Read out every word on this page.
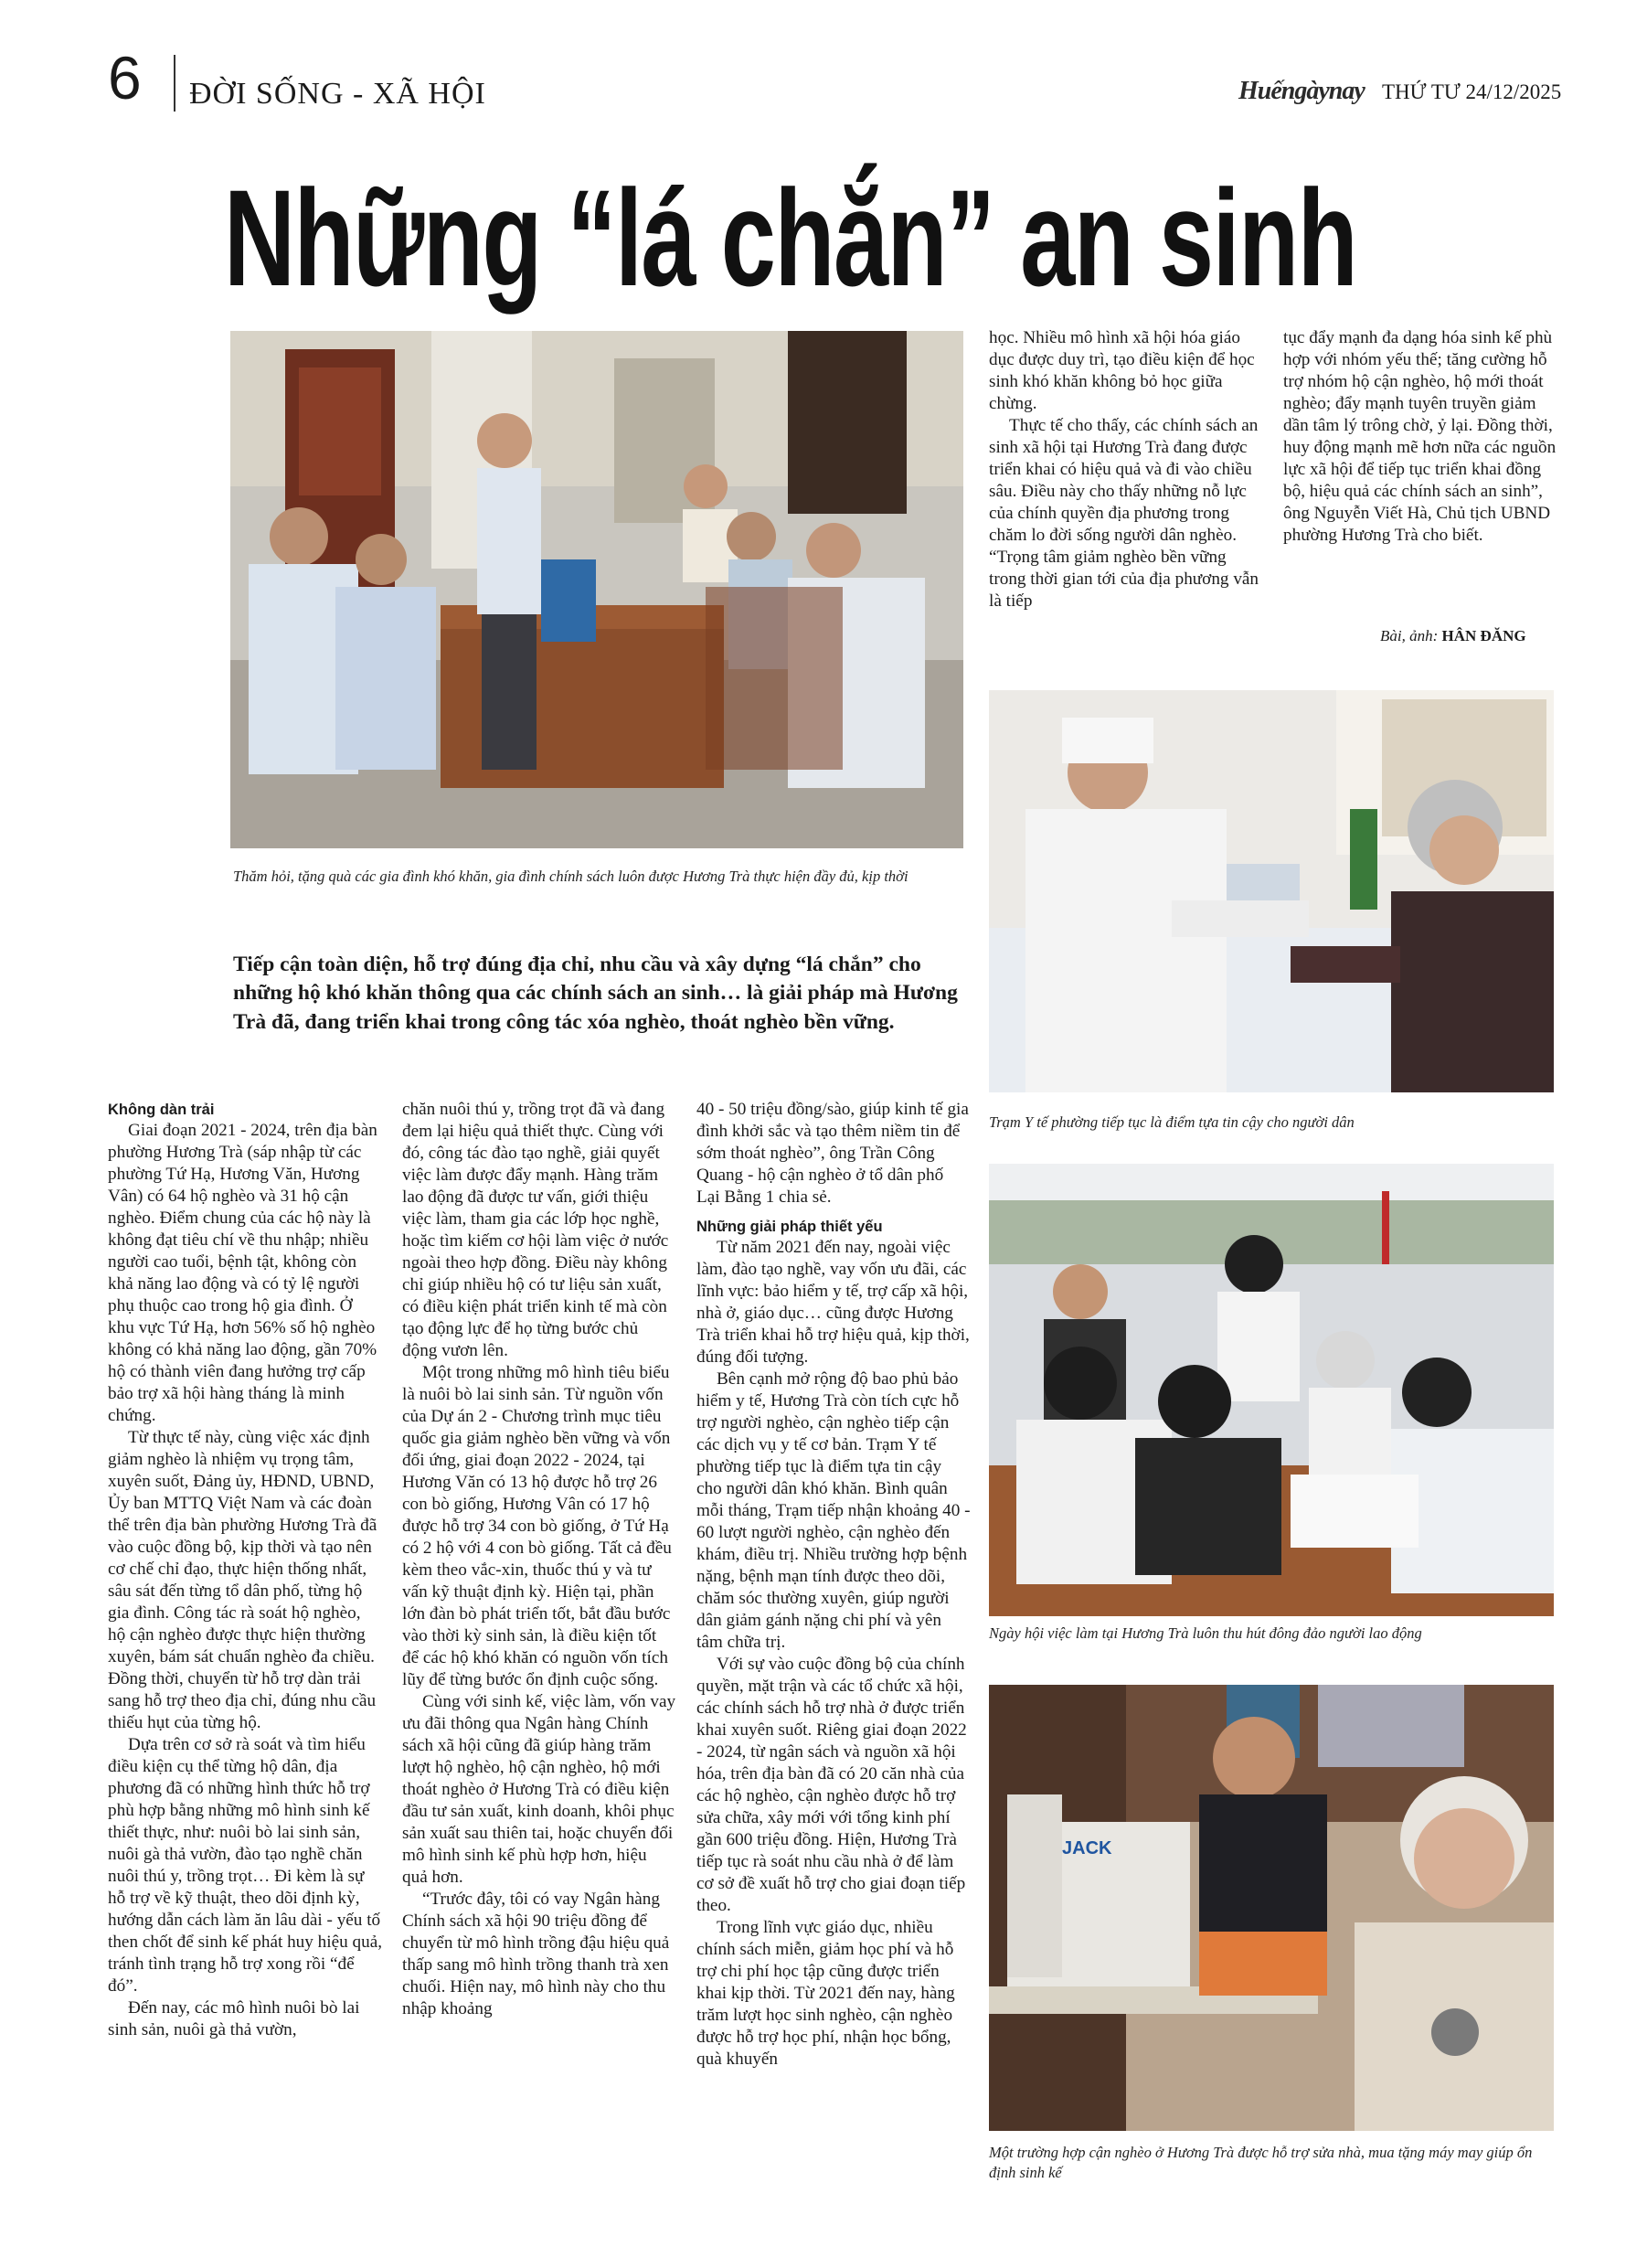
6 ĐỜI SỐNG - XÃ HỘI	Huếngàynay THỨ TƯ 24/12/2025
Những “lá chắn” an sinh
Thăm hỏi, tặng quà các gia đình khó khăn, gia đình chính sách luôn được Hương Trà thực hiện đầy đủ, kịp thời
Tiếp cận toàn diện, hỗ trợ đúng địa chỉ, nhu cầu và xây dựng “lá chắn” cho những hộ khó khăn thông qua các chính sách an sinh… là giải pháp mà Hương Trà đã, đang triển khai trong công tác xóa nghèo, thoát nghèo bền vững.

học. Nhiều mô hình xã hội hóa giáo dục được duy trì, tạo điều kiện để học sinh khó khăn không bỏ học giữa chừng.

Thực tế cho thấy, các chính sách an sinh xã hội tại Hương Trà đang được triển khai có hiệu quả và đi vào chiều sâu. Điều này cho thấy những nỗ lực của chính quyền địa phương trong chăm lo đời sống người dân nghèo. “Trọng tâm giảm nghèo bền vững trong thời gian tới của địa phương vẫn là tiếp

tục đẩy mạnh đa dạng hóa sinh kế phù hợp với nhóm yếu thế; tăng cường hỗ trợ nhóm hộ cận nghèo, hộ mới thoát nghèo; đẩy mạnh tuyên truyền giảm dần tâm lý trông chờ, ỷ lại. Đồng thời, huy động mạnh mẽ hơn nữa các nguồn lực xã hội để tiếp tục triển khai đồng bộ, hiệu quả các chính sách an sinh”, ông Nguyễn Viết Hà, Chủ tịch UBND phường Hương Trà cho biết.

Bài, ảnh: HÂN ĐĂNG
Trạm Y tế phường tiếp tục là điểm tựa tin cậy cho người dân
Ngày hội việc làm tại Hương Trà luôn thu hút đông đảo người lao động
JACK
Một trường hợp cận nghèo ở Hương Trà được hỗ trợ sửa nhà, mua tặng máy may giúp ổn định sinh kế

Không dàn trải

Giai đoạn 2021 - 2024, trên địa bàn phường Hương Trà (sáp nhập từ các phường Tứ Hạ, Hương Văn, Hương Vân) có 64 hộ nghèo và 31 hộ cận nghèo. Điểm chung của các hộ này là không đạt tiêu chí về thu nhập; nhiều người cao tuổi, bệnh tật, không còn khả năng lao động và có tỷ lệ người phụ thuộc cao trong hộ gia đình. Ở khu vực Tứ Hạ, hơn 56% số hộ nghèo không có khả năng lao động, gần 70% hộ có thành viên đang hưởng trợ cấp bảo trợ xã hội hàng tháng là minh chứng.

Từ thực tế này, cùng việc xác định giảm nghèo là nhiệm vụ trọng tâm, xuyên suốt, Đảng ủy, HĐND, UBND, Ủy ban MTTQ Việt Nam và các đoàn thể trên địa bàn phường Hương Trà đã vào cuộc đồng bộ, kịp thời và tạo nên cơ chế chỉ đạo, thực hiện thống nhất, sâu sát đến từng tổ dân phố, từng hộ gia đình. Công tác rà soát hộ nghèo, hộ cận nghèo được thực hiện thường xuyên, bám sát chuẩn nghèo đa chiều. Đồng thời, chuyển từ hỗ trợ dàn trải sang hỗ trợ theo địa chỉ, đúng nhu cầu thiếu hụt của từng hộ.

Dựa trên cơ sở rà soát và tìm hiểu điều kiện cụ thể từng hộ dân, địa phương đã có những hình thức hỗ trợ phù hợp bằng những mô hình sinh kế thiết thực, như: nuôi bò lai sinh sản, nuôi gà thả vườn, đào tạo nghề chăn nuôi thú y, trồng trọt… Đi kèm là sự hỗ trợ về kỹ thuật, theo dõi định kỳ, hướng dẫn cách làm ăn lâu dài - yếu tố then chốt để sinh kế phát huy hiệu quả, tránh tình trạng hỗ trợ xong rồi “để đó”.

Đến nay, các mô hình nuôi bò lai sinh sản, nuôi gà thả vườn,

chăn nuôi thú y, trồng trọt đã và đang đem lại hiệu quả thiết thực. Cùng với đó, công tác đào tạo nghề, giải quyết việc làm được đẩy mạnh. Hàng trăm lao động đã được tư vấn, giới thiệu việc làm, tham gia các lớp học nghề, hoặc tìm kiếm cơ hội làm việc ở nước ngoài theo hợp đồng. Điều này không chỉ giúp nhiều hộ có tư liệu sản xuất, có điều kiện phát triển kinh tế mà còn tạo động lực để họ từng bước chủ động vươn lên.

Một trong những mô hình tiêu biểu là nuôi bò lai sinh sản. Từ nguồn vốn của Dự án 2 - Chương trình mục tiêu quốc gia giảm nghèo bền vững và vốn đối ứng, giai đoạn 2022 - 2024, tại Hương Văn có 13 hộ được hỗ trợ 26 con bò giống, Hương Vân có 17 hộ được hỗ trợ 34 con bò giống, ở Tứ Hạ có 2 hộ với 4 con bò giống. Tất cả đều kèm theo vắc-xin, thuốc thú y và tư vấn kỹ thuật định kỳ. Hiện tại, phần lớn đàn bò phát triển tốt, bắt đầu bước vào thời kỳ sinh sản, là điều kiện tốt để các hộ khó khăn có nguồn vốn tích lũy để từng bước ổn định cuộc sống.

Cùng với sinh kế, việc làm, vốn vay ưu đãi thông qua Ngân hàng Chính sách xã hội cũng đã giúp hàng trăm lượt hộ nghèo, hộ cận nghèo, hộ mới thoát nghèo ở Hương Trà có điều kiện đầu tư sản xuất, kinh doanh, khôi phục sản xuất sau thiên tai, hoặc chuyển đổi mô hình sinh kế phù hợp hơn, hiệu quả hơn.

“Trước đây, tôi có vay Ngân hàng Chính sách xã hội 90 triệu đồng để chuyển từ mô hình trồng đậu hiệu quả thấp sang mô hình trồng thanh trà xen chuối. Hiện nay, mô hình này cho thu nhập khoảng

40 - 50 triệu đồng/sào, giúp kinh tế gia đình khởi sắc và tạo thêm niềm tin để sớm thoát nghèo”, ông Trần Công Quang - hộ cận nghèo ở tổ dân phố Lại Bằng 1 chia sẻ.

Những giải pháp thiết yếu

Từ năm 2021 đến nay, ngoài việc làm, đào tạo nghề, vay vốn ưu đãi, các lĩnh vực: bảo hiểm y tế, trợ cấp xã hội, nhà ở, giáo dục… cũng được Hương Trà triển khai hỗ trợ hiệu quả, kịp thời, đúng đối tượng.

Bên cạnh mở rộng độ bao phủ bảo hiểm y tế, Hương Trà còn tích cực hỗ trợ người nghèo, cận nghèo tiếp cận các dịch vụ y tế cơ bản. Trạm Y tế phường tiếp tục là điểm tựa tin cậy cho người dân khó khăn. Bình quân mỗi tháng, Trạm tiếp nhận khoảng 40 - 60 lượt người nghèo, cận nghèo đến khám, điều trị. Nhiều trường hợp bệnh nặng, bệnh mạn tính được theo dõi, chăm sóc thường xuyên, giúp người dân giảm gánh nặng chi phí và yên tâm chữa trị.

Với sự vào cuộc đồng bộ của chính quyền, mặt trận và các tổ chức xã hội, các chính sách hỗ trợ nhà ở được triển khai xuyên suốt. Riêng giai đoạn 2022 - 2024, từ ngân sách và nguồn xã hội hóa, trên địa bàn đã có 20 căn nhà của các hộ nghèo, cận nghèo được hỗ trợ sửa chữa, xây mới với tổng kinh phí gần 600 triệu đồng. Hiện, Hương Trà tiếp tục rà soát nhu cầu nhà ở để làm cơ sở đề xuất hỗ trợ cho giai đoạn tiếp theo.

Trong lĩnh vực giáo dục, nhiều chính sách miễn, giảm học phí và hỗ trợ chi phí học tập cũng được triển khai kịp thời. Từ 2021 đến nay, hàng trăm lượt học sinh nghèo, cận nghèo được hỗ trợ học phí, nhận học bổng, quà khuyến
